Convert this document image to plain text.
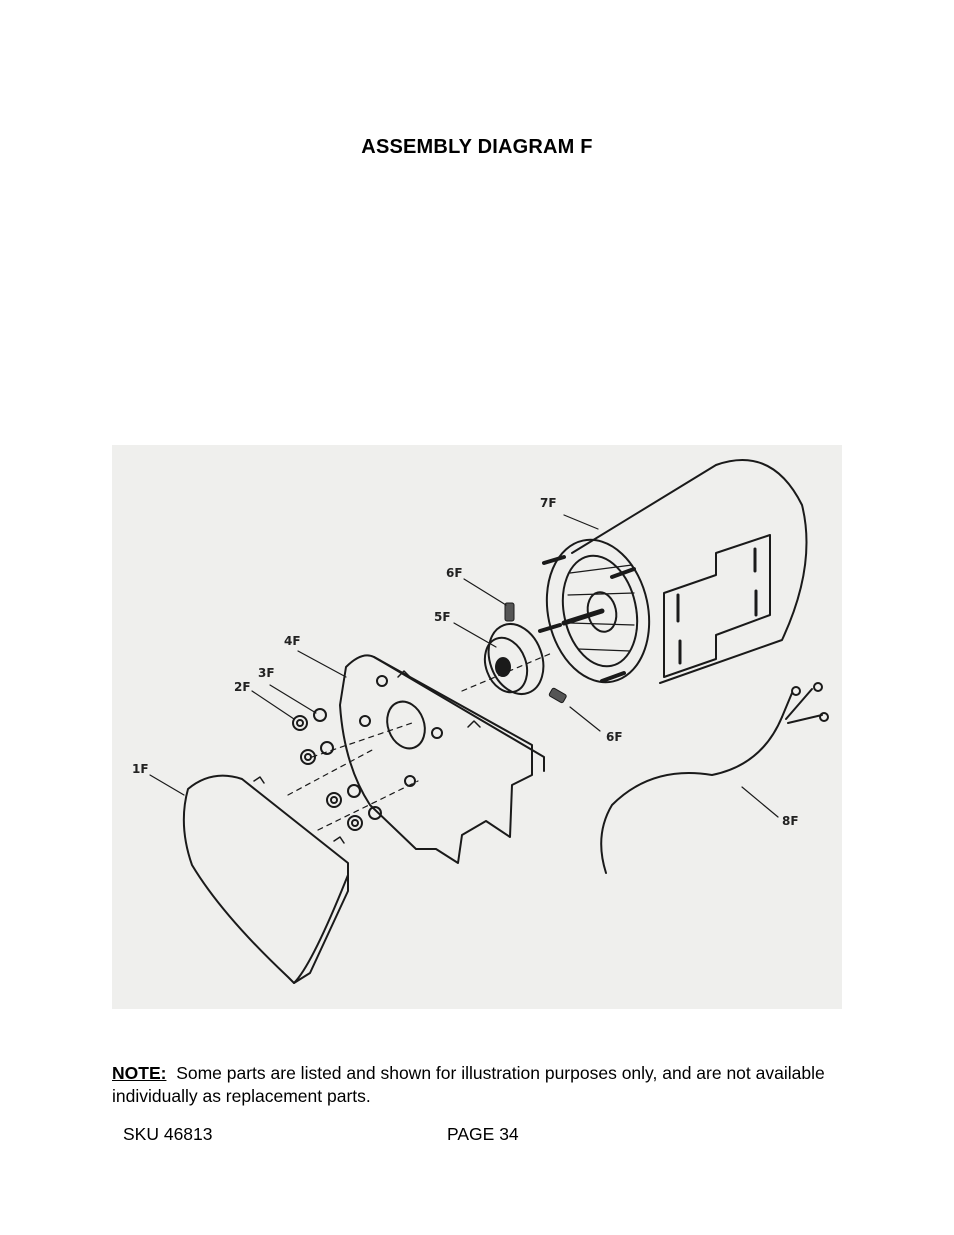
ASSEMBLY DIAGRAM F
1F
2F
3F
4F
5F
6F
6F
7F
8F
NOTE: Some parts are listed and shown for illustration purposes only, and are not available individually as replacement parts.
SKU 46813	PAGE 34
